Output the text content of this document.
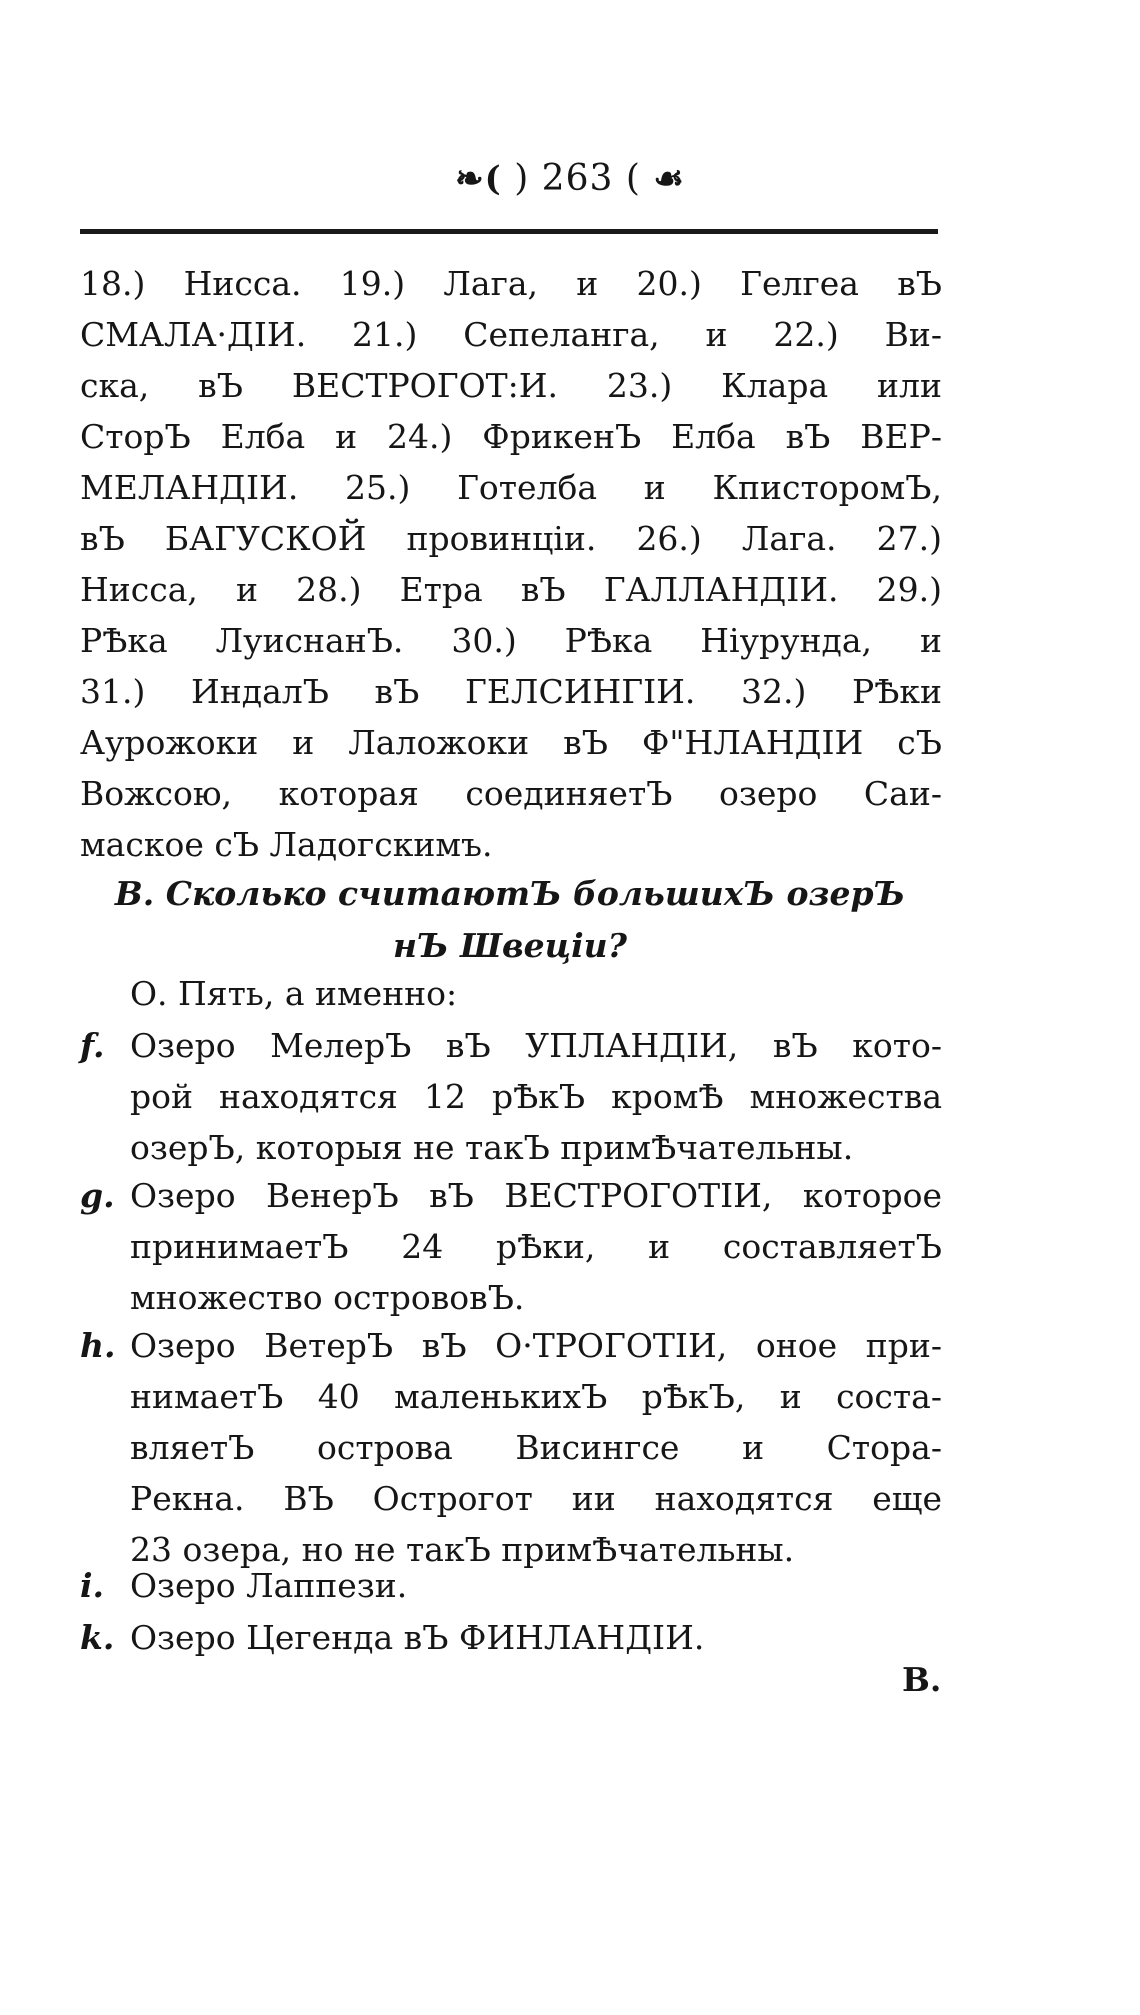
❧( ) 263 ( ☙
18.) Нисса. 19.) Лага, и 20.) Гелгеа вЪ
СМАЛА·ДIИ. 21.) Сепеланга, и 22.) Ви-
ска, вЪ ВЕСТРОГОТ:И. 23.) Клара или
СторЪ Елба и 24.) ФрикенЪ Елба вЪ ВЕР-
МЕЛАНДIИ. 25.) Готелба и КписторомЪ,
вЪ БАГУСКОЙ провинцiи. 26.) Лага. 27.)
Нисса, и 28.) Етра вЪ ГАЛЛАНДIИ. 29.)
РѢка ЛуиснанЪ. 30.) РѢка Нiурунда, и
31.) ИндалЪ вЪ ГЕЛСИНГIИ. 32.) РѢки
Аурожоки и Лаложоки вЪ Ф"НЛАНДIИ сЪ
Вожсою, которая соединяетЪ озеро Саи-
маское сЪ Ладогскимъ.
В. Сколько считаютЪ большихЪ озерЪ
нЪ Швецiи?
О. Пять, а именно:
f. Озеро МелерЪ вЪ УПЛАНДIИ, вЪ кото-
рой находятся 12 рѢкЪ кромѢ множества
озерЪ, которыя не такЪ примѢчательны.
g. Озеро ВенерЪ вЪ ВЕСТРОГОТIИ, которое
принимаетЪ 24 рѢки, и составляетЪ
множество острововЪ.
h. Озеро ВетерЪ вЪ О·ТРОГОТIИ, оное при-
нимаетЪ 40 маленькихЪ рѢкЪ, и соста-
вляетЪ острова Висингсе и Стора-
Рекна. ВЪ Острогот ии находятся еще
23 озера, но не такЪ примѢчательны.
i. Озеро Лаппези.
k. Озеро Цегенда вЪ ФИНЛАНДIИ.
В.
